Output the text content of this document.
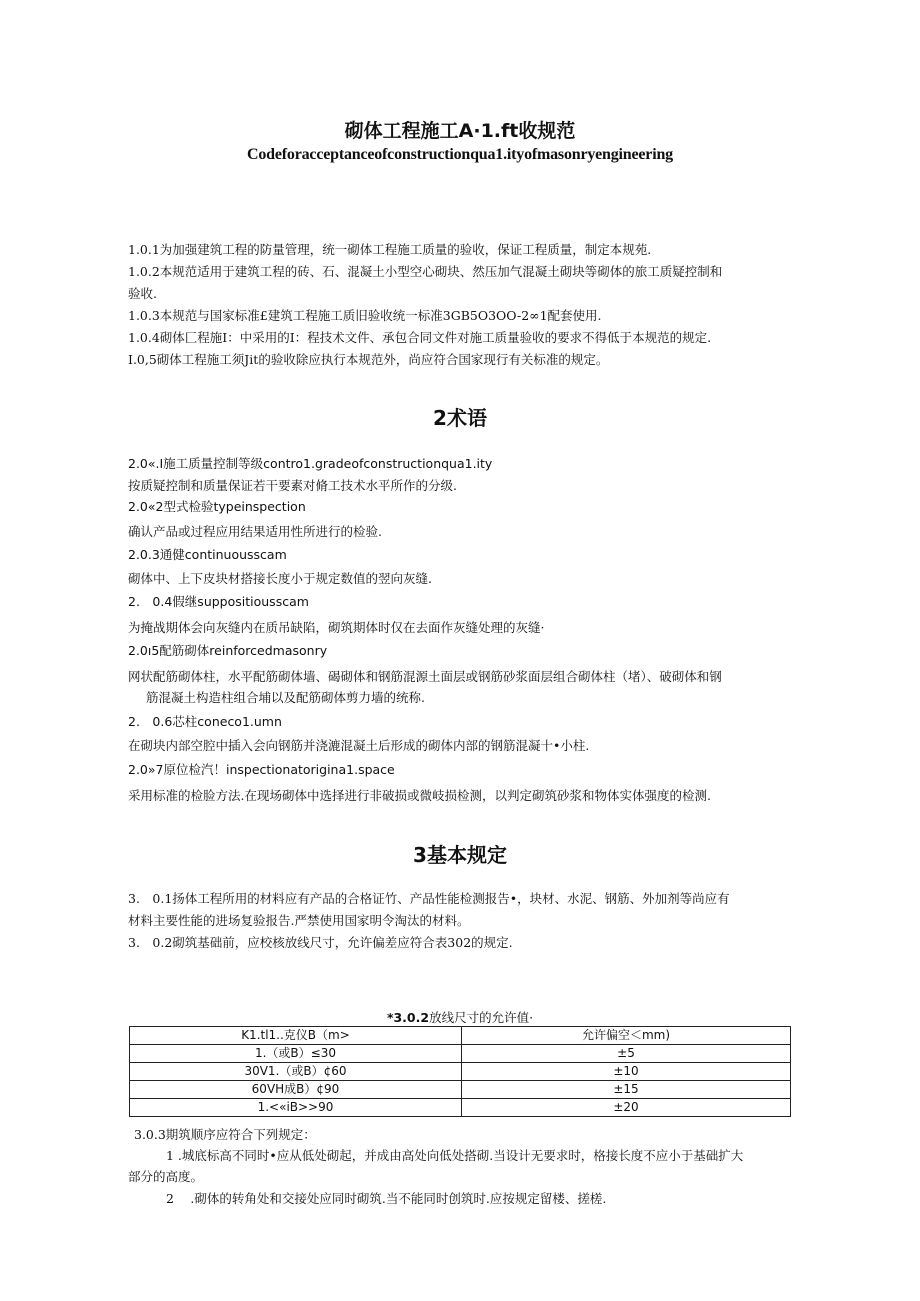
砌体工程施工A·1.ft收规范
Codeforacceptanceofconstructionqua1.ityofmasonryengineering
1.0.1为加强建筑工程的防量管理，统一砌体工程施工质量的验收，保证工程质量，制定本规苑.
1.0.2本规范适用于建筑工程的砖、石、混凝土小型空心砌块、然压加气混凝土砌块等砌体的旅工质疑控制和
验收.
1.0.3本规范与国家标准£建筑工程施工质旧验收统一标准3GB5O3OO-2∞1配套使用.
1.0.4砌体匚程施I：中采用的I：程技术文件、承包合同文件对施工质量验收的要求不得低于本规范的规定.
I.0,5砌体工程施工须Jit的验收除应执行本规范外，尚应符合国家现行有关标准的规定。
2术语
2.0«.I施工质量控制等级contro1.gradeofconstructionqua1.ity
按质疑控制和质量保证若干要素对脩工技术水平所作的分级.
2.0«2型式检验typeinspection
确认产品或过程应用结果适用性所进行的检验.
2.0.3通健continuousscam
砌体中、上下皮块材搭接长度小于规定数值的翌向灰缝.
2.　0.4假继suppositiousscam
为掩战期体会向灰缝内在质吊缺陷，砌筑期体时仅在去面作灰缝处理的灰缝·
2.0ı5配筋砌体reinforcedmasonry
网状配筋砌体柱，水平配筋砌体墙、碣砌体和钢筋混源土面层或钢筋砂浆面层组合砌体柱（堵）、破砌体和钢
筋混凝土构造柱组合埔以及配筋砌体剪力墙的统称.
2.　0.6芯柱coneco1.umn
在砌块内部空腔中插入会向钢筋并浇漉混凝土后形成的砌体内部的钢筋混凝十•小柱.
2.0»7原位检汽！inspectionatorigina1.space
采用标准的检脸方法.在现场砌体中选择进行非破损或微岐损检测，以判定砌筑砂浆和物体实体强度的检测.
3基本规定
3.　0.1扬体工程所用的材料应有产品的合格证竹、产品性能检测报告•，块材、水泥、钢筋、外加剂等尚应有
材料主要性能的进场复验报告.严禁使用国家明令淘汰的材料。
3.　0.2砌筑基础前，应校核放线尺寸，允许偏差应符合表302的规定.
*3.0.2放线尺寸的允许值·
K1.tl1..克仪B（m>	允许偏空＜mm)
1.（或B）≤30	±5
30V1.（或B）¢60	±10
60VH成B）¢90	±15
1.<«iB>>90	±20
3.0.3期筑顺序应符合下列规定：
1 .城底标高不同时•应从低处砌起，并成由高处向低处搭砌.当设计无要求时，格接长度不应小于基础扩大
部分的高度。
2　 .砌体的转角处和交接处应同时砌筑.当不能同时创筑时.应按规定留楼、搓槎.
